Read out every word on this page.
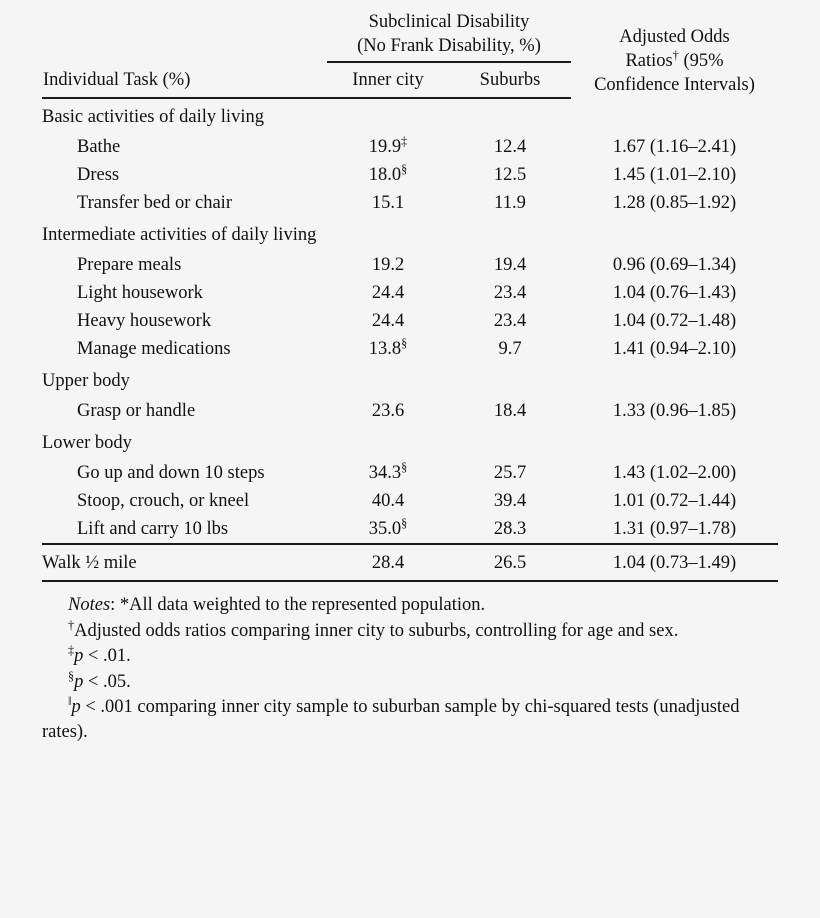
	Subclinical Disability
(No Frank Disability, %)		Adjusted Odds
Ratios† (95%
Confidence Intervals)
Individual Task (%)	Inner city	Suburbs	
Basic activities of daily living			
Bathe	19.9‡	12.4	1.67 (1.16–2.41)
Dress	18.0§	12.5	1.45 (1.01–2.10)
Transfer bed or chair	15.1	11.9	1.28 (0.85–1.92)
Intermediate activities of daily living			
Prepare meals	19.2	19.4	0.96 (0.69–1.34)
Light housework	24.4	23.4	1.04 (0.76–1.43)
Heavy housework	24.4	23.4	1.04 (0.72–1.48)
Manage medications	13.8§	9.7	1.41 (0.94–2.10)
Upper body			
Grasp or handle	23.6	18.4	1.33 (0.96–1.85)
Lower body			
Go up and down 10 steps	34.3§	25.7	1.43 (1.02–2.00)
Stoop, crouch, or kneel	40.4	39.4	1.01 (0.72–1.44)
Lift and carry 10 lbs	35.0§	28.3	1.31 (0.97–1.78)
Walk ½ mile	28.4	26.5	1.04 (0.73–1.49)

Notes: *All data weighted to the represented population.

†Adjusted odds ratios comparing inner city to suburbs, controlling for age and sex.

‡p < .01.

§p < .05.

‖p < .001 comparing inner city sample to suburban sample by chi-squared tests (unadjusted rates).
